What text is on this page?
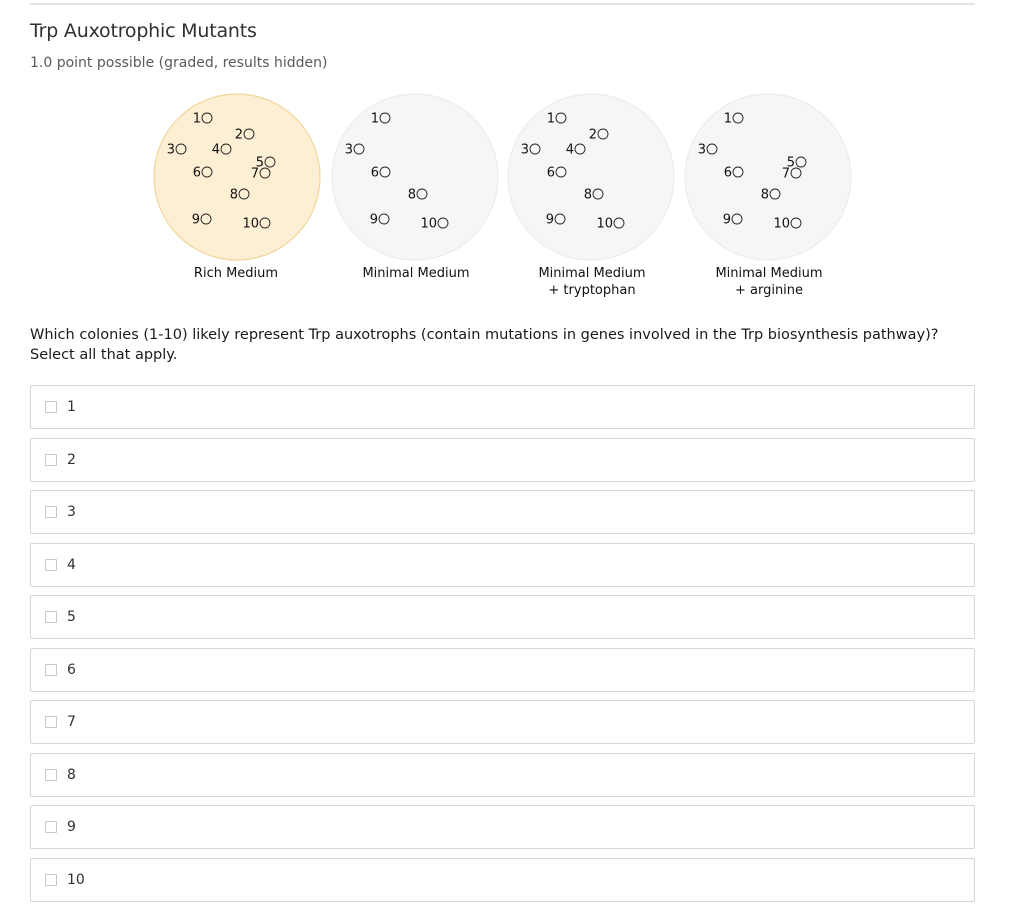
Trp Auxotrophic Mutants
1.0 point possible (graded, results hidden)
1
2
3	4
5
6	7
8
9	10
1
3
6
8
9	10
1
2
3	4
6
8
9	10
1
3
5
6	7
8
9	10
Rich Medium	Minimal Medium	Minimal Medium
+ tryptophan
Minimal Medium
+ arginine
Which colonies (1-10) likely represent Trp auxotrophs (contain mutations in genes involved in the Trp biosynthesis pathway)?
Select all that apply.
1
2
3
4
5
6
7
8
9
10
